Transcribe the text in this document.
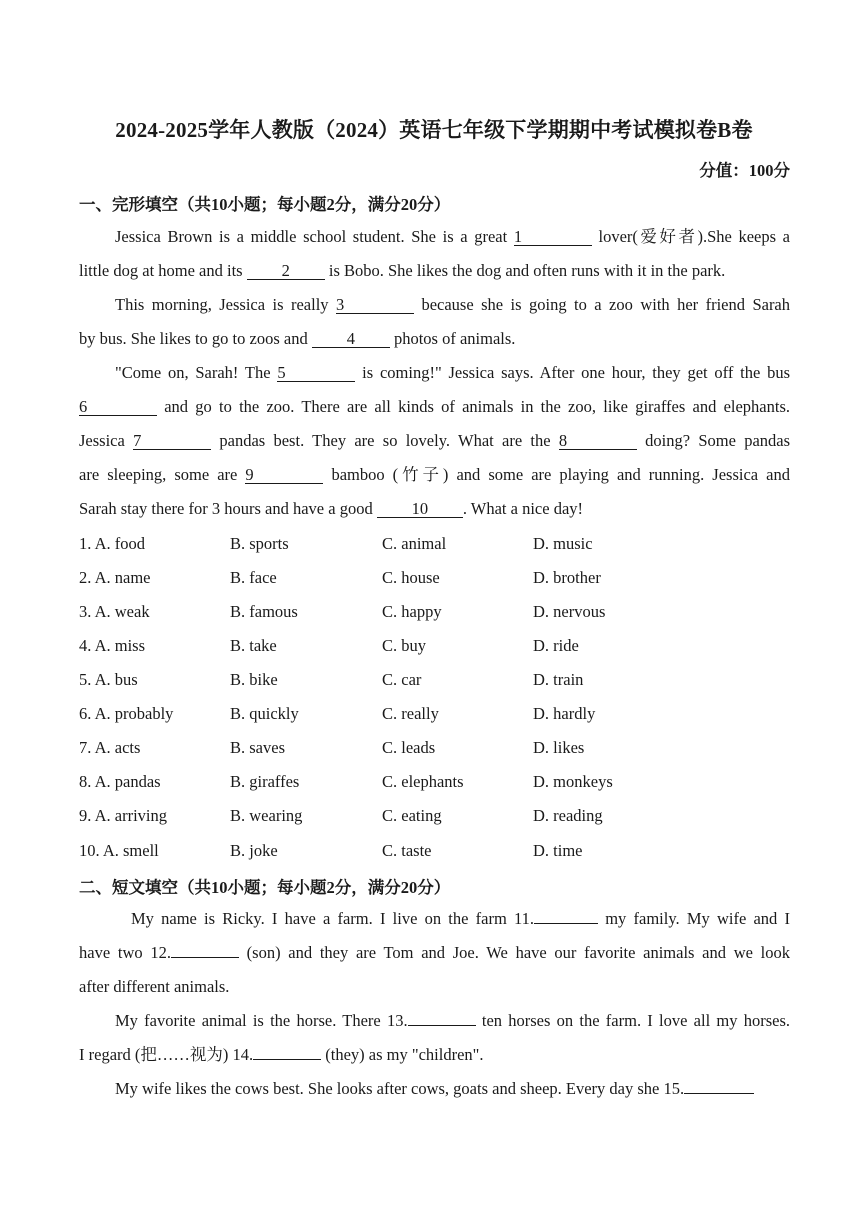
2024-2025学年人教版（2024）英语七年级下学期期中考试模拟卷B卷
分值：100分
一、完形填空（共10小题；每小题2分，满分20分）
Jessica Brown is a middle school student. She is a great 1	lover(爱好者).She keeps a
little dog at home and its 2 is Bobo. She likes the dog and often runs with it in the park.
This morning, Jessica is really 3	because she is going to a zoo with her friend Sarah
by bus. She likes to go to zoos and 4 photos of animals.
"Come on, Sarah! The 5	is coming!" Jessica says. After one hour, they get off the bus
6	and go to the zoo. There are all kinds of animals in the zoo, like giraffes and elephants.
Jessica 7	pandas best. They are so lovely. What are the 8	doing? Some pandas
are sleeping, some are 9	bamboo (竹子) and some are playing and running. Jessica and
Sarah stay there for 3 hours and have a good 10 . What a nice day!
1. A. food	B. sports	C. animal	D. music
2. A. name	B. face	C. house	D. brother
3. A. weak	B. famous	C. happy	D. nervous
4. A. miss	B. take	C. buy	D. ride
5. A. bus	B. bike	C. car	D. train
6. A. probably	B. quickly	C. really	D. hardly
7. A. acts	B. saves	C. leads	D. likes
8. A. pandas	B. giraffes	C. elephants	D. monkeys
9. A. arriving	B. wearing	C. eating	D. reading
10. A. smell	B. joke	C. taste	D. time
二、短文填空（共10小题；每小题2分，满分20分）
My name is Ricky. I have a farm. I live on the farm 11.	my family. My wife and I
have two 12.	(son) and they are Tom and Joe. We have our favorite animals and we look
after different animals.
My favorite animal is the horse. There 13.	ten horses on the farm. I love all my horses.
I regard (把……视为) 14.	(they) as my "children".
My wife likes the cows best. She looks after cows, goats and sheep. Every day she 15.
